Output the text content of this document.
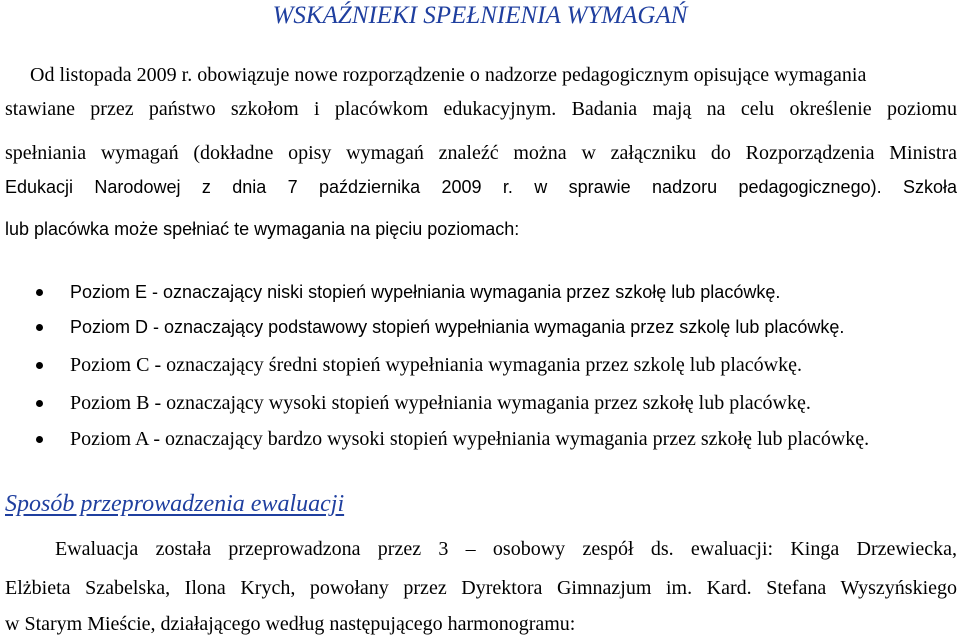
WSKAŹNIEKI SPEŁNIENIA WYMAGAŃ
Od listopada 2009 r. obowiązuje nowe rozporządzenie o nadzorze pedagogicznym opisujące wymagania
stawiane przez państwo szkołom i placówkom edukacyjnym. Badania mają na celu określenie poziomu
spełniania wymagań (dokładne opisy wymagań znaleźć można w załączniku do Rozporządzenia Ministra
Edukacji Narodowej z dnia 7 października 2009 r. w sprawie nadzoru pedagogicznego). Szkoła
lub placówka może spełniać te wymagania na pięciu poziomach:
Poziom E - oznaczający niski stopień wypełniania wymagania przez szkołę lub placówkę.
Poziom D - oznaczający podstawowy stopień wypełniania wymagania przez szkolę lub placówkę.
Poziom C - oznaczający średni stopień wypełniania wymagania przez szkolę lub placówkę.
Poziom B - oznaczający wysoki stopień wypełniania wymagania przez szkołę lub placówkę.
Poziom A - oznaczający bardzo wysoki stopień wypełniania wymagania przez szkołę lub placówkę.
Sposób przeprowadzenia ewaluacji
Ewaluacja została przeprowadzona przez 3 – osobowy zespół ds. ewaluacji: Kinga Drzewiecka,
Elżbieta Szabelska, Ilona Krych, powołany przez Dyrektora Gimnazjum im. Kard. Stefana Wyszyńskiego
w Starym Mieście, działającego według następującego harmonogramu:
